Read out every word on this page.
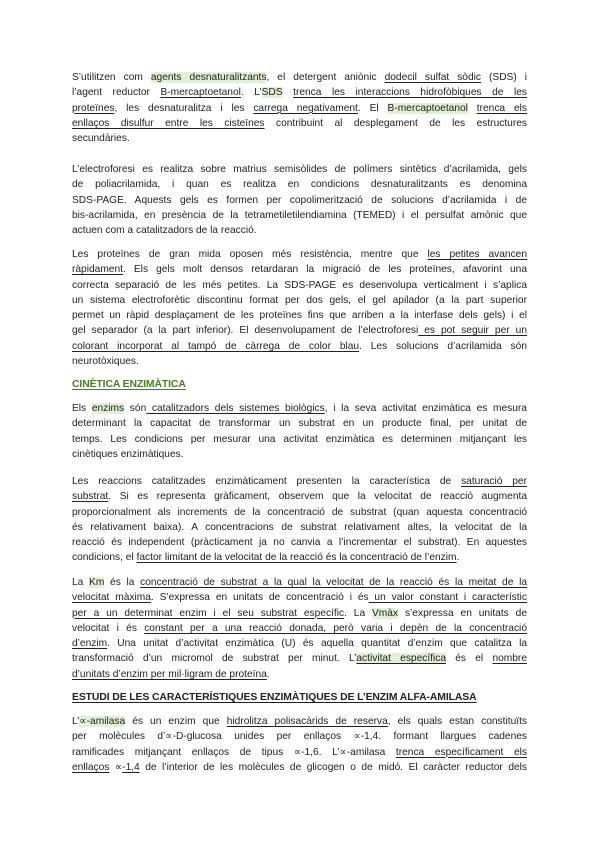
S’utilitzen com agents desnaturalitzants, el detergent aniònic dodecil sulfat sòdic (SDS) i
l’agent reductor B-mercaptoetanol. L’SDS trenca les interaccions hidrofòbiques de les
proteïnes, les desnaturalitza i les carrega negativament. El B-mercaptoetanol trenca els
enllaços disulfur entre les cisteïnes contribuint al desplegament de les estructures
secundàries.
L’electroforesi es realitza sobre matrius semisòlides de polímers sintètics d’acrilamida, gels
de poliacrilamida, i quan es realitza en condicions desnaturalitzants es denomina
SDS-PAGE. Aquests gels es formen per copolimerització de solucions d’acrilamida i de
bis-acrilamida, en presència de la tetrametiletilendiamina (TEMED) i el persulfat amònic que
actuen com a catalitzadors de la reacció.
Les proteïnes de gran mida oposen més resistència, mentre que les petites avancen
ràpidament. Els gels molt densos retardaran la migració de les proteïnes, afavorint una
correcta separació de les més petites. La SDS-PAGE es desenvolupa verticalment i s’aplica
un sistema electroforètic discontinu format per dos gels, el gel apilador (a la part superior
permet un ràpid desplaçament de les proteïnes fins que arriben a la interfase dels gels) i el
gel separador (a la part inferior). El desenvolupament de l’electroforesi es pot seguir per un
colorant incorporat al tampó de càrrega de color blau. Les solucions d’acrilamida són
neurotòxiques.
CINÈTICA ENZIMÀTICA
Els enzims són catalitzadors dels sistemes biològics, i la seva activitat enzimàtica es mesura
determinant la capacitat de transformar un substrat en un producte final, per unitat de
temps. Les condicions per mesurar una activitat enzimàtica es determinen mitjançant les
cinètiques enzimàtiques.
Les reaccions catalitzades enzimàticament presenten la característica de saturació per
substrat. Si es representa gràficament, observem que la velocitat de reacció augmenta
proporcionalment als increments de la concentració de substrat (quan aquesta concentració
és relativament baixa). A concentracions de substrat relativament altes, la velocitat de la
reacció és independent (pràcticament ja no canvia a l’incrementar el substrat). En aquestes
condicions, el factor limitant de la velocitat de la reacció és la concentració de l’enzim.
La Km és la concentració de substrat a la qual la velocitat de la reacció és la meitat de la
velocitat màxima. S’expressa en unitats de concentració i és un valor constant i característic
per a un determinat enzim i el seu substrat específic. La Vmàx s’expressa en unitats de
velocitat i és constant per a una reacció donada, però varia i depèn de la concentració
d’enzim. Una unitat d’activitat enzimàtica (U) és aquella quantitat d’enzim que catalitza la
transformació d’un micromol de substrat per minut. L’activitat específica és el nombre
d’unitats d’enzim per mil·ligram de proteïna.
ESTUDI DE LES CARACTERÍSTIQUES ENZIMÀTIQUES DE L’ENZIM ALFA-AMILASA
L’∝-amilasa és un enzim que hidrolitza polisacàrids de reserva, els quals estan constituïts
per molècules d’∝-D-glucosa unides per enllaços ∝-1,4. formant llargues cadenes
ramificades mitjançant enllaços de tipus ∝-1,6. L’∝-amilasa trenca específicament els
enllaços ∝-1,4 de l’interior de les molècules de glicogen o de midó. El caràcter reductor dels
